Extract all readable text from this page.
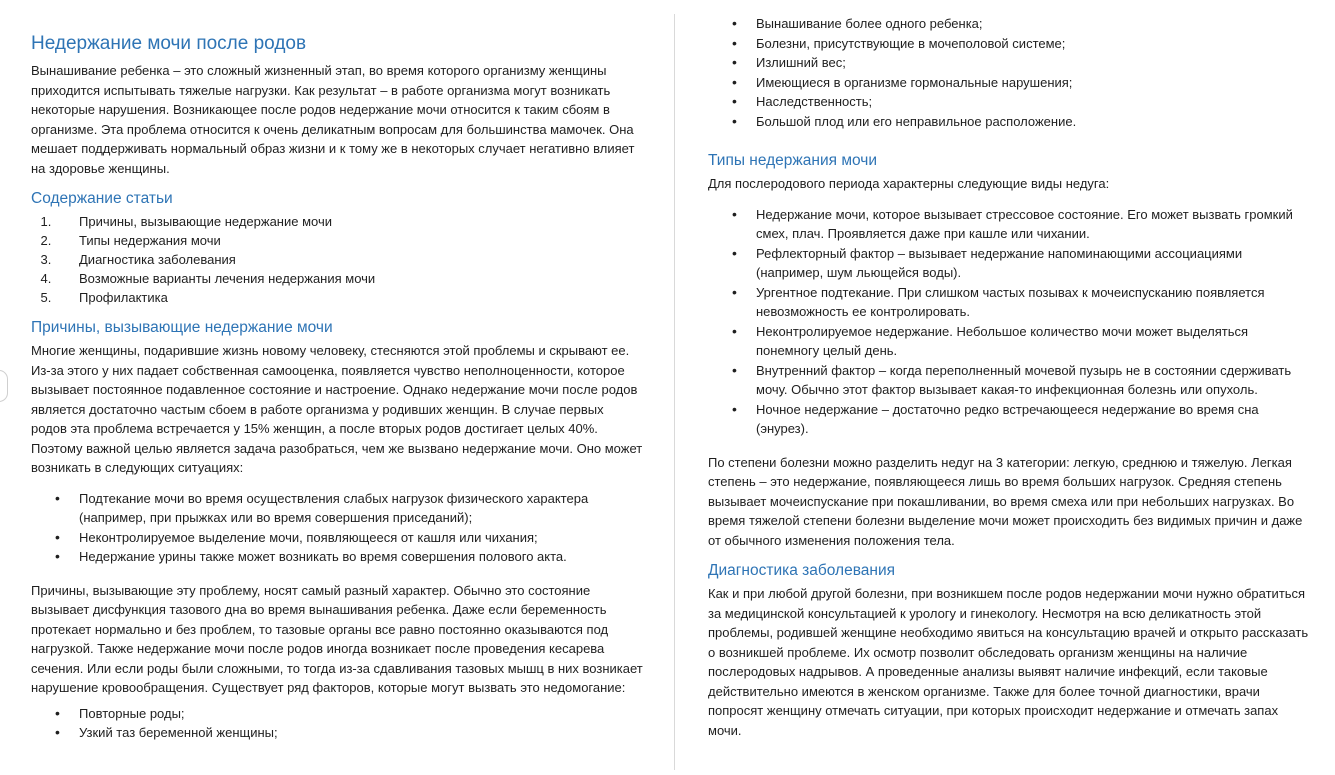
Недержание мочи после родов

Вынашивание ребенка – это сложный жизненный этап, во время которого организму женщины приходится испытывать тяжелые нагрузки. Как результат – в работе организма могут возникать некоторые нарушения. Возникающее после родов недержание мочи относится к таким сбоям в организме. Эта проблема относится к очень деликатным вопросам для большинства мамочек. Она мешает поддерживать нормальный образ жизни и к тому же в некоторых случает негативно влияет на здоровье женщины.

Содержание статьи
1. Причины, вызывающие недержание мочи
2. Типы недержания мочи
3. Диагностика заболевания
4. Возможные варианты лечения недержания мочи
5. Профилактика
Причины, вызывающие недержание мочи

Многие женщины, подарившие жизнь новому человеку, стесняются этой проблемы и скрывают ее. Из-за этого у них падает собственная самооценка, появляется чувство неполноценности, которое вызывает постоянное подавленное состояние и настроение. Однако недержание мочи после родов является достаточно частым сбоем в работе организма у родивших женщин. В случае первых родов эта проблема встречается у 15% женщин, а после вторых родов достигает целых 40%. Поэтому важной целью является задача разобраться, чем же вызвано недержание мочи. Оно может возникать в следующих ситуациях:

• Подтекание мочи во время осуществления слабых нагрузок физического характера (например, при прыжках или во время совершения приседаний);
• Неконтролируемое выделение мочи, появляющееся от кашля или чихания;
• Недержание урины также может возникать во время совершения полового акта.

Причины, вызывающие эту проблему, носят самый разный характер. Обычно это состояние вызывает дисфункция тазового дна во время вынашивания ребенка. Даже если беременность протекает нормально и без проблем, то тазовые органы все равно постоянно оказываются под нагрузкой. Также недержание мочи после родов иногда возникает после проведения кесарева сечения. Или если роды были сложными, то тогда из-за сдавливания тазовых мышц в них возникает нарушение кровообращения. Существует ряд факторов, которые могут вызвать это недомогание:

• Повторные роды;
• Узкий таз беременной женщины;
• Вынашивание более одного ребенка;
• Болезни, присутствующие в мочеполовой системе;
• Излишний вес;
• Имеющиеся в организме гормональные нарушения;
• Наследственность;
• Большой плод или его неправильное расположение.
Типы недержания мочи

Для послеродового периода характерны следующие виды недуга:

• Недержание мочи, которое вызывает стрессовое состояние. Его может вызвать громкий смех, плач. Проявляется даже при кашле или чихании.
• Рефлекторный фактор – вызывает недержание напоминающими ассоциациями (например, шум льющейся воды).
• Ургентное подтекание. При слишком частых позывах к мочеиспусканию появляется невозможность ее контролировать.
• Неконтролируемое недержание. Небольшое количество мочи может выделяться понемногу целый день.
• Внутренний фактор – когда переполненный мочевой пузырь не в состоянии сдерживать мочу. Обычно этот фактор вызывает какая-то инфекционная болезнь или опухоль.
• Ночное недержание – достаточно редко встречающееся недержание во время сна (энурез).

По степени болезни можно разделить недуг на 3 категории: легкую, среднюю и тяжелую. Легкая степень – это недержание, появляющееся лишь во время больших нагрузок. Средняя степень вызывает мочеиспускание при покашливании, во время смеха или при небольших нагрузках. Во время тяжелой степени болезни выделение мочи может происходить без видимых причин и даже от обычного изменения положения тела.

Диагностика заболевания

Как и при любой другой болезни, при возникшем после родов недержании мочи нужно обратиться за медицинской консультацией к урологу и гинекологу. Несмотря на всю деликатность этой проблемы, родившей женщине необходимо явиться на консультацию врачей и открыто рассказать о возникшей проблеме. Их осмотр позволит обследовать организм женщины на наличие послеродовых надрывов. А проведенные анализы выявят наличие инфекций, если таковые действительно имеются в женском организме. Также для более точной диагностики, врачи попросят женщину отмечать ситуации, при которых происходит недержание и отмечать запах мочи.
